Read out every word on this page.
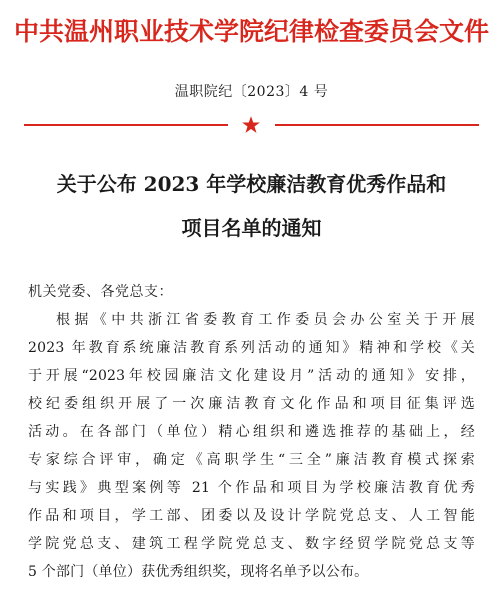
中共温州职业技术学院纪律检查委员会文件
温职院纪〔2023〕4 号
关于公布 2023 年学校廉洁教育优秀作品和
项目名单的通知
机关党委、各党总支：
根据《中共浙江省委教育工作委员会办公室关于开展
2023 年教育系统廉洁教育系列活动的通知》精神和学校《关
于开展“2023年校园廉洁文化建设月”活动的通知》安排，
校纪委组织开展了一次廉洁教育文化作品和项目征集评选
活动。在各部门（单位）精心组织和遴选推荐的基础上，经
专家综合评审，确定《高职学生“三全”廉洁教育模式探索
与实践》典型案例等 21 个作品和项目为学校廉洁教育优秀
作品和项目，学工部、团委以及设计学院党总支、人工智能
学院党总支、建筑工程学院党总支、数字经贸学院党总支等
5 个部门（单位）获优秀组织奖，现将名单予以公布。
